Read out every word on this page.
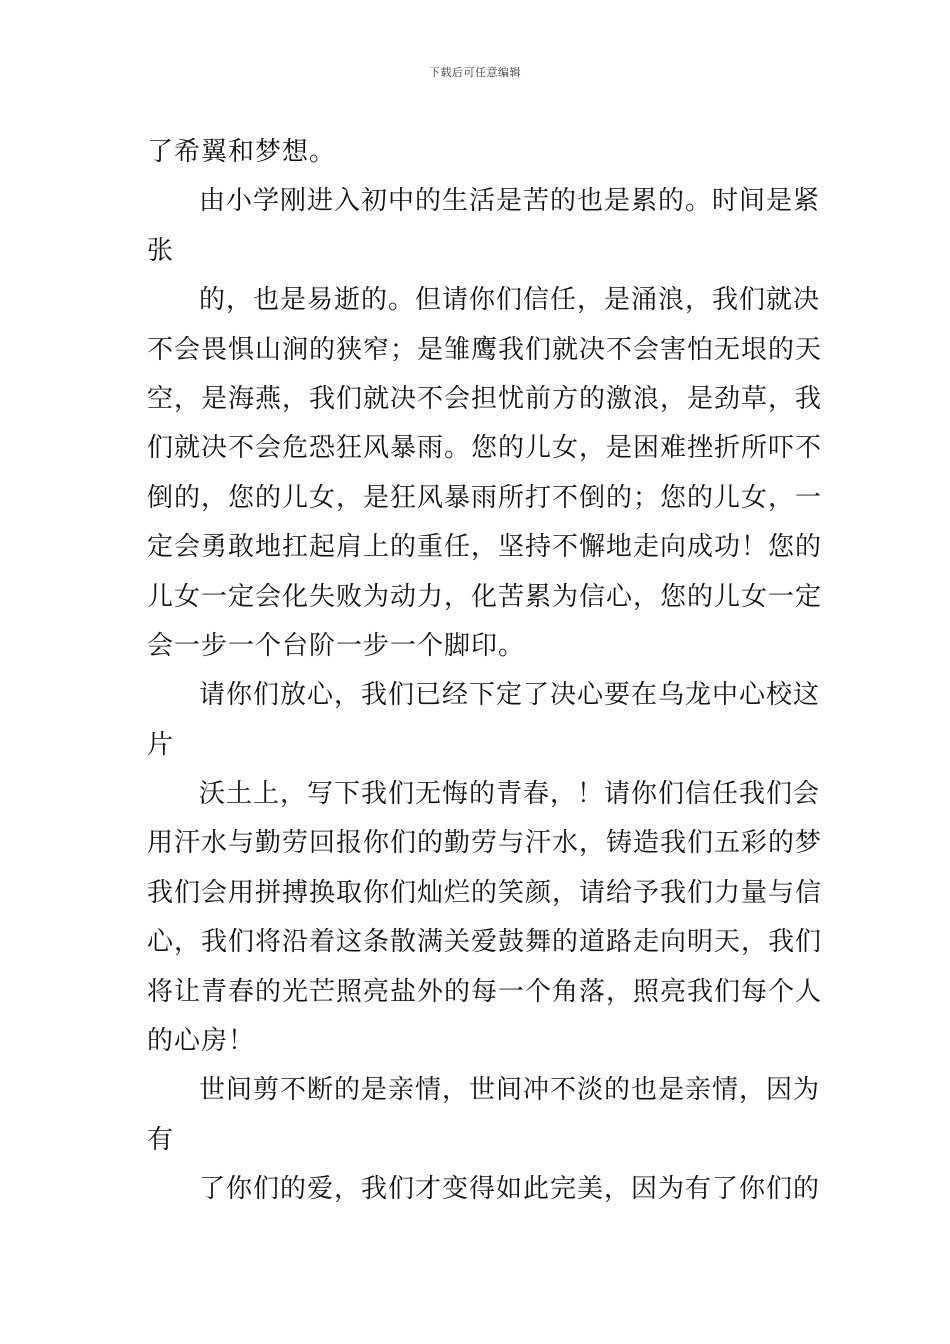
下载后可任意编辑
了希翼和梦想。
由小学刚进入初中的生活是苦的也是累的。时间是紧
张
的，也是易逝的。但请你们信任，是涌浪，我们就决
不会畏惧山涧的狭窄；是雏鹰我们就决不会害怕无垠的天
空，是海燕，我们就决不会担忧前方的激浪，是劲草，我
们就决不会危恐狂风暴雨。您的儿女，是困难挫折所吓不
倒的，您的儿女，是狂风暴雨所打不倒的；您的儿女，一
定会勇敢地扛起肩上的重任，坚持不懈地走向成功！您的
儿女一定会化失败为动力，化苦累为信心，您的儿女一定
会一步一个台阶一步一个脚印。
请你们放心，我们已经下定了决心要在乌龙中心校这
片
沃土上，写下我们无悔的青春，！请你们信任我们会
用汗水与勤劳回报你们的勤劳与汗水，铸造我们五彩的梦
我们会用拼搏换取你们灿烂的笑颜，请给予我们力量与信
心，我们将沿着这条散满关爱鼓舞的道路走向明天，我们
将让青春的光芒照亮盐外的每一个角落，照亮我们每个人
的心房！
世间剪不断的是亲情，世间冲不淡的也是亲情，因为
有
了你们的爱，我们才变得如此完美，因为有了你们的
